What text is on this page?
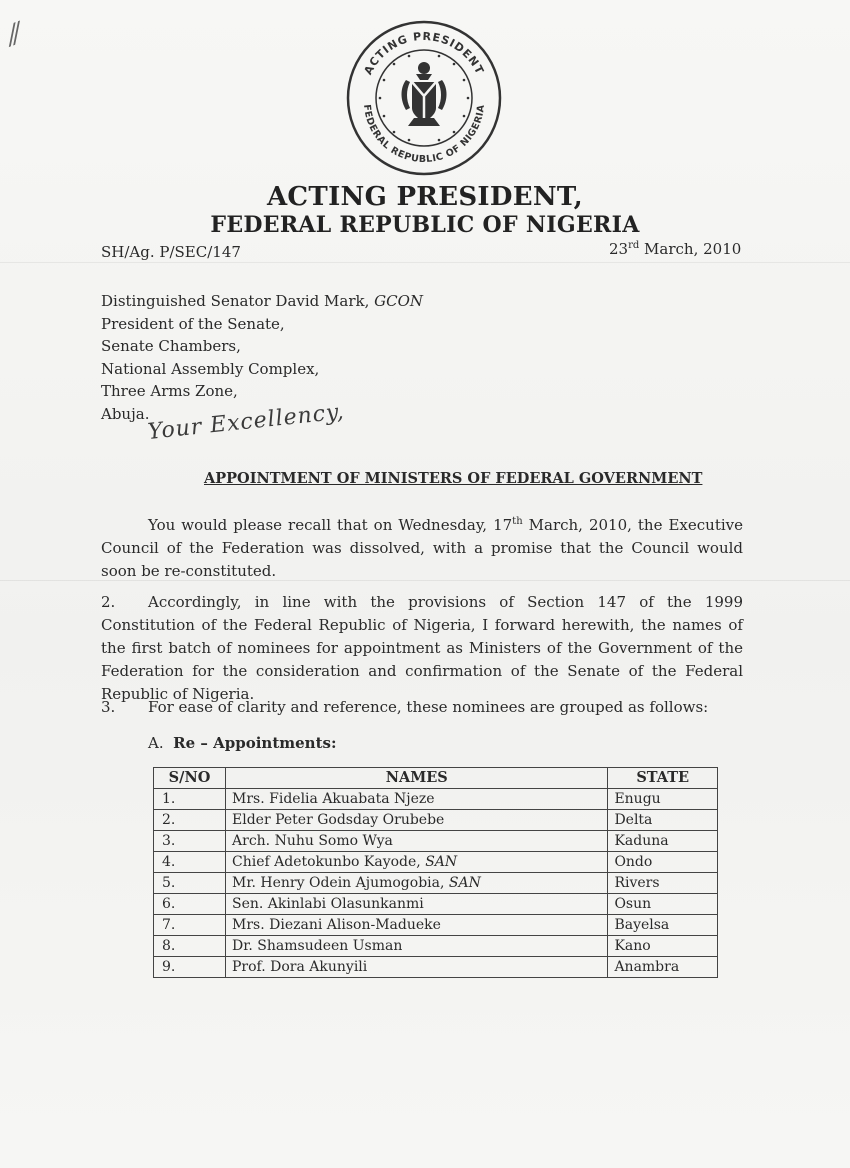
⁄⁄
ACTING PRESIDENT
FEDERAL REPUBLIC OF NIGERIA
ACTING PRESIDENT,
FEDERAL REPUBLIC OF NIGERIA
SH/Ag. P/SEC/147	23rd March, 2010
Distinguished Senator David Mark, GCON
President of the Senate,
Senate Chambers,
National Assembly Complex,
Three Arms Zone,
Abuja.
Your Excellency,
APPOINTMENT OF MINISTERS OF FEDERAL GOVERNMENT
You would please recall that on Wednesday, 17th March, 2010, the Executive Council of the Federation was dissolved, with a promise that the Council would soon be re-constituted.
2. Accordingly, in line with the provisions of Section 147 of the 1999 Constitution of the Federal Republic of Nigeria, I forward herewith, the names of the first batch of nominees for appointment as Ministers of the Government of the Federation for the consideration and confirmation of the Senate of the Federal Republic of Nigeria.
3. For ease of clarity and reference, these nominees are grouped as follows:
A. Re – Appointments:
S/NO	NAMES	STATE
1.	Mrs. Fidelia Akuabata Njeze	Enugu
2.	Elder Peter Godsday Orubebe	Delta
3.	Arch. Nuhu Somo Wya	Kaduna
4.	Chief Adetokunbo Kayode, SAN	Ondo
5.	Mr. Henry Odein Ajumogobia, SAN	Rivers
6.	Sen. Akinlabi Olasunkanmi	Osun
7.	Mrs. Diezani Alison-Madueke	Bayelsa
8.	Dr. Shamsudeen Usman	Kano
9.	Prof. Dora Akunyili	Anambra
